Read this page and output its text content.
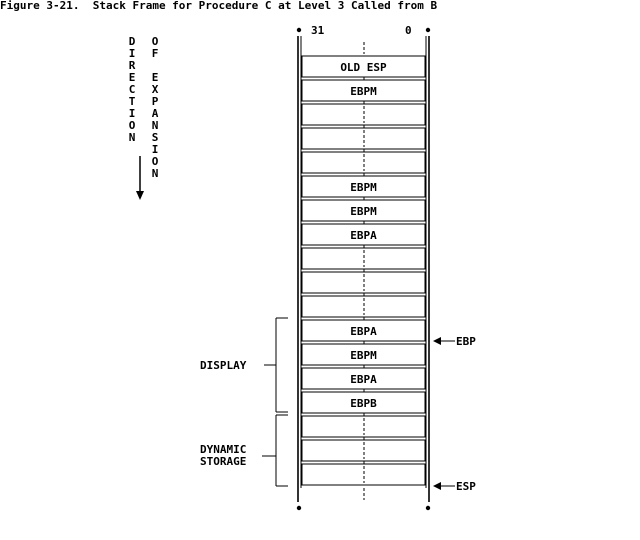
Figure 3-21.  Stack Frame for Procedure C at Level 3 Called from B
D
I
R
E
C
T
I
O
N
O
F

E
X
P
A
N
S
I
O
N
31	0
OLD ESP
EBPM
EBPM
EBPM
EBPA
EBPA
EBPM
EBPA
EBPB
EBP
ESP
DISPLAY
DYNAMIC
STORAGE
